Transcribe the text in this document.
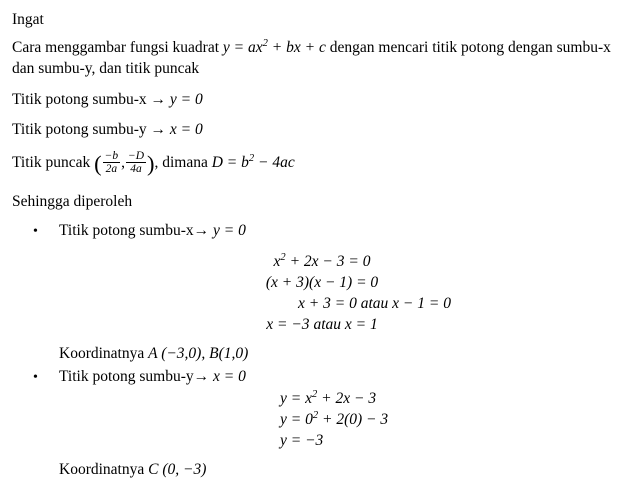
Ingat
Cara menggambar fungsi kuadrat $y = ax^2$ + bx + c dengan mencari titik potong dengan sumbu-x dan sumbu-y, dan titik puncak
Titik potong sumbu-x → y = 0
Titik potong sumbu-y → x = 0
Titik puncak ( $\frac{-b}{2a}$ , $\frac{-D}{4a}$ ), dimana $D = b^2 - 4ac$
Sehingga diperoleh
• Titik potong sumbu-x→ y = 0
$x^2 + 2x - 3 = 0$
(x + 3)(x − 1) = 0
x + 3 = 0 atau x − 1 = 0
x = −3 atau x = 1
Koordinatnya A (−3,0), B(1,0)
• Titik potong sumbu-y→ x = 0
$y = x^2 + 2x - 3$
$y = 0^2 + 2(0) - 3$
y = −3
Koordinatnya C (0, −3)
